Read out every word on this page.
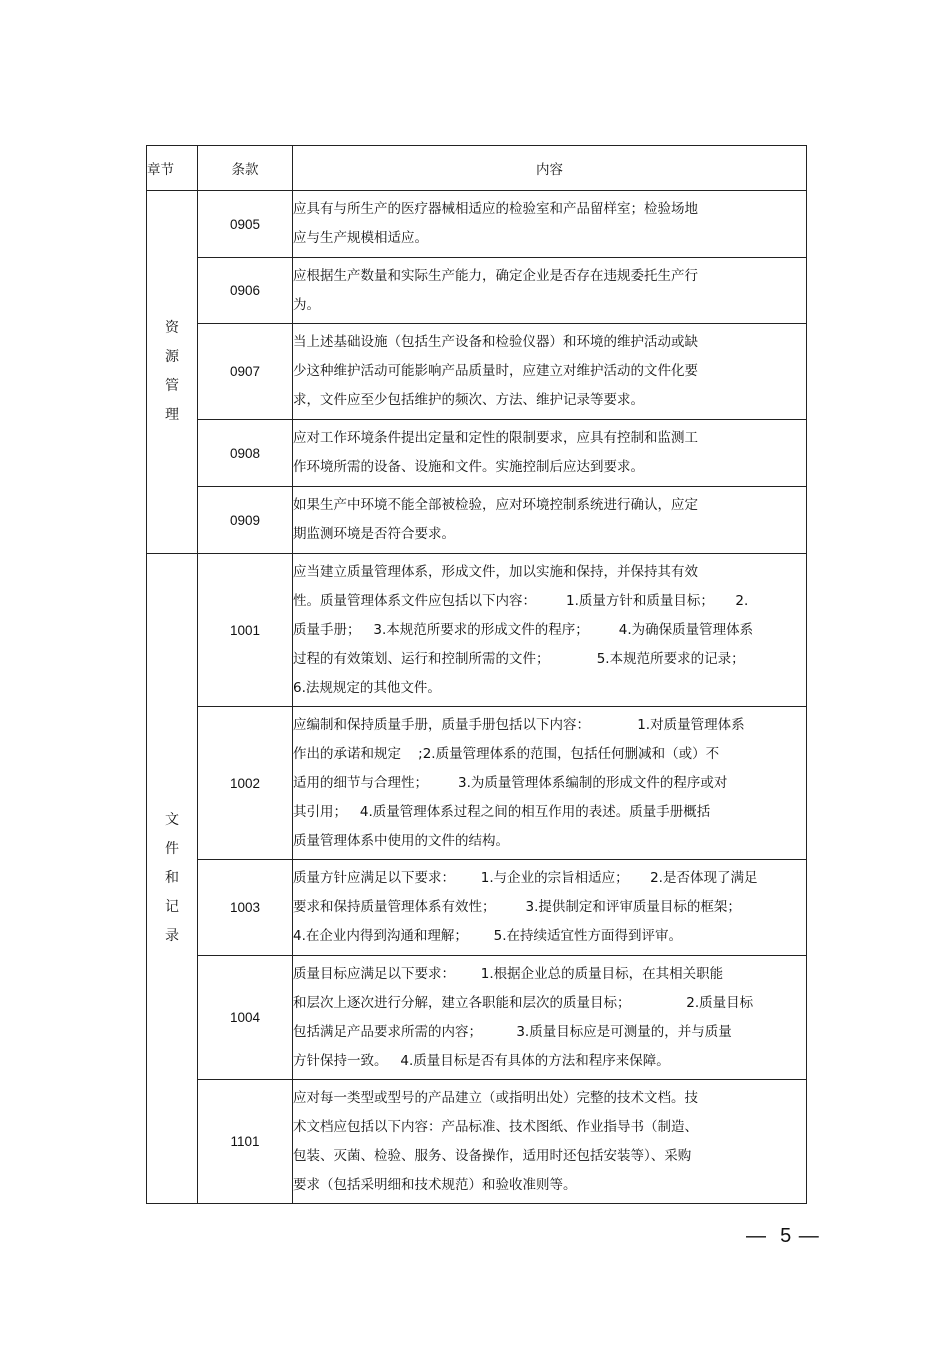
章节	条款	内容

资
源
管
理	0905	应具有与所生产的医疗器械相适应的检验室和产品留样室；检验场地
应与生产规模相适应。

	0906	应根据生产数量和实际生产能力，确定企业是否存在违规委托生产行
为。

	0907	当上述基础设施（包括生产设备和检验仪器）和环境的维护活动或缺
少这种维护活动可能影响产品质量时，应建立对维护活动的文件化要
求，文件应至少包括维护的频次、方法、维护记录等要求。

	0908	应对工作环境条件提出定量和定性的限制要求，应具有控制和监测工
作环境所需的设备、设施和文件。实施控制后应达到要求。

	0909	如果生产中环境不能全部被检验，应对环境控制系统进行确认，应定
期监测环境是否符合要求。

文
件
和
记
录	1001	应当建立质量管理体系，形成文件，加以实施和保持，并保持其有效
性。质量管理体系文件应包括以下内容：       1.质量方针和质量目标；     2.
质量手册；   3.本规范所要求的形成文件的程序；       4.为确保质量管理体系
过程的有效策划、运行和控制所需的文件；           5.本规范所要求的记录；
6.法规规定的其他文件。

	1002	应编制和保持质量手册，质量手册包括以下内容：           1.对质量管理体系
作出的承诺和规定    ;2.质量管理体系的范围，包括任何删减和（或）不
适用的细节与合理性；       3.为质量管理体系编制的形成文件的程序或对
其引用；   4.质量管理体系过程之间的相互作用的表述。质量手册概括
质量管理体系中使用的文件的结构。

	1003	质量方针应满足以下要求：      1.与企业的宗旨相适应；     2.是否体现了满足
要求和保持质量管理体系有效性；       3.提供制定和评审质量目标的框架；
4.在企业内得到沟通和理解；      5.在持续适宜性方面得到评审。

	1004	质量目标应满足以下要求：      1.根据企业总的质量目标，在其相关职能
和层次上逐次进行分解，建立各职能和层次的质量目标；             2.质量目标
包括满足产品要求所需的内容；        3.质量目标应是可测量的，并与质量
方针保持一致。   4.质量目标是否有具体的方法和程序来保障。

	1101	应对每一类型或型号的产品建立（或指明出处）完整的技术文档。技
术文档应包括以下内容：产品标准、技术图纸、作业指导书（制造、
包装、灭菌、检验、服务、设备操作，适用时还包括安装等）、采购
要求（包括采明细和技术规范）和验收准则等。
—  5 —
